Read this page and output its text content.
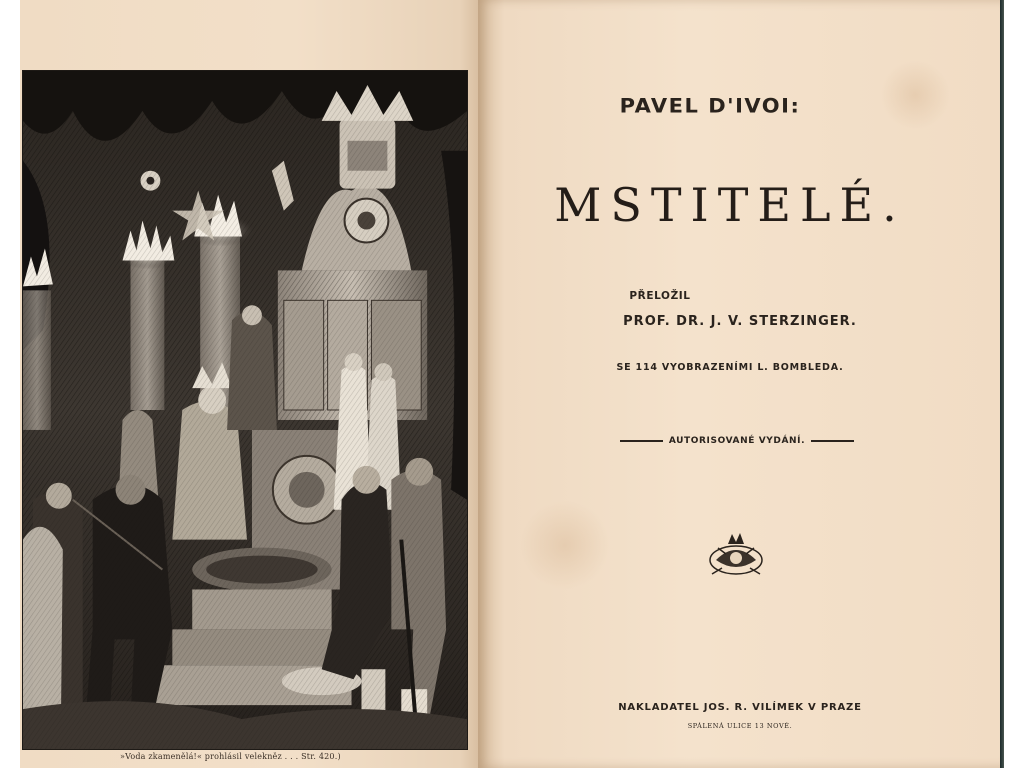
»Voda zkamenělá!« prohlásil velekněz . . . Str. 420.)
PAVEL D'IVOI:
MSTITELÉ.
PŘELOŽIL
PROF. DR. J. V. STERZINGER.
SE 114 VYOBRAZENÍMI L. BOMBLEDA.
AUTORISOVANÉ VYDÁNÍ.
NAKLADATEL JOS. R. VILÍMEK V PRAZE
SPÁLENÁ ULICE 13 NOVÉ.
